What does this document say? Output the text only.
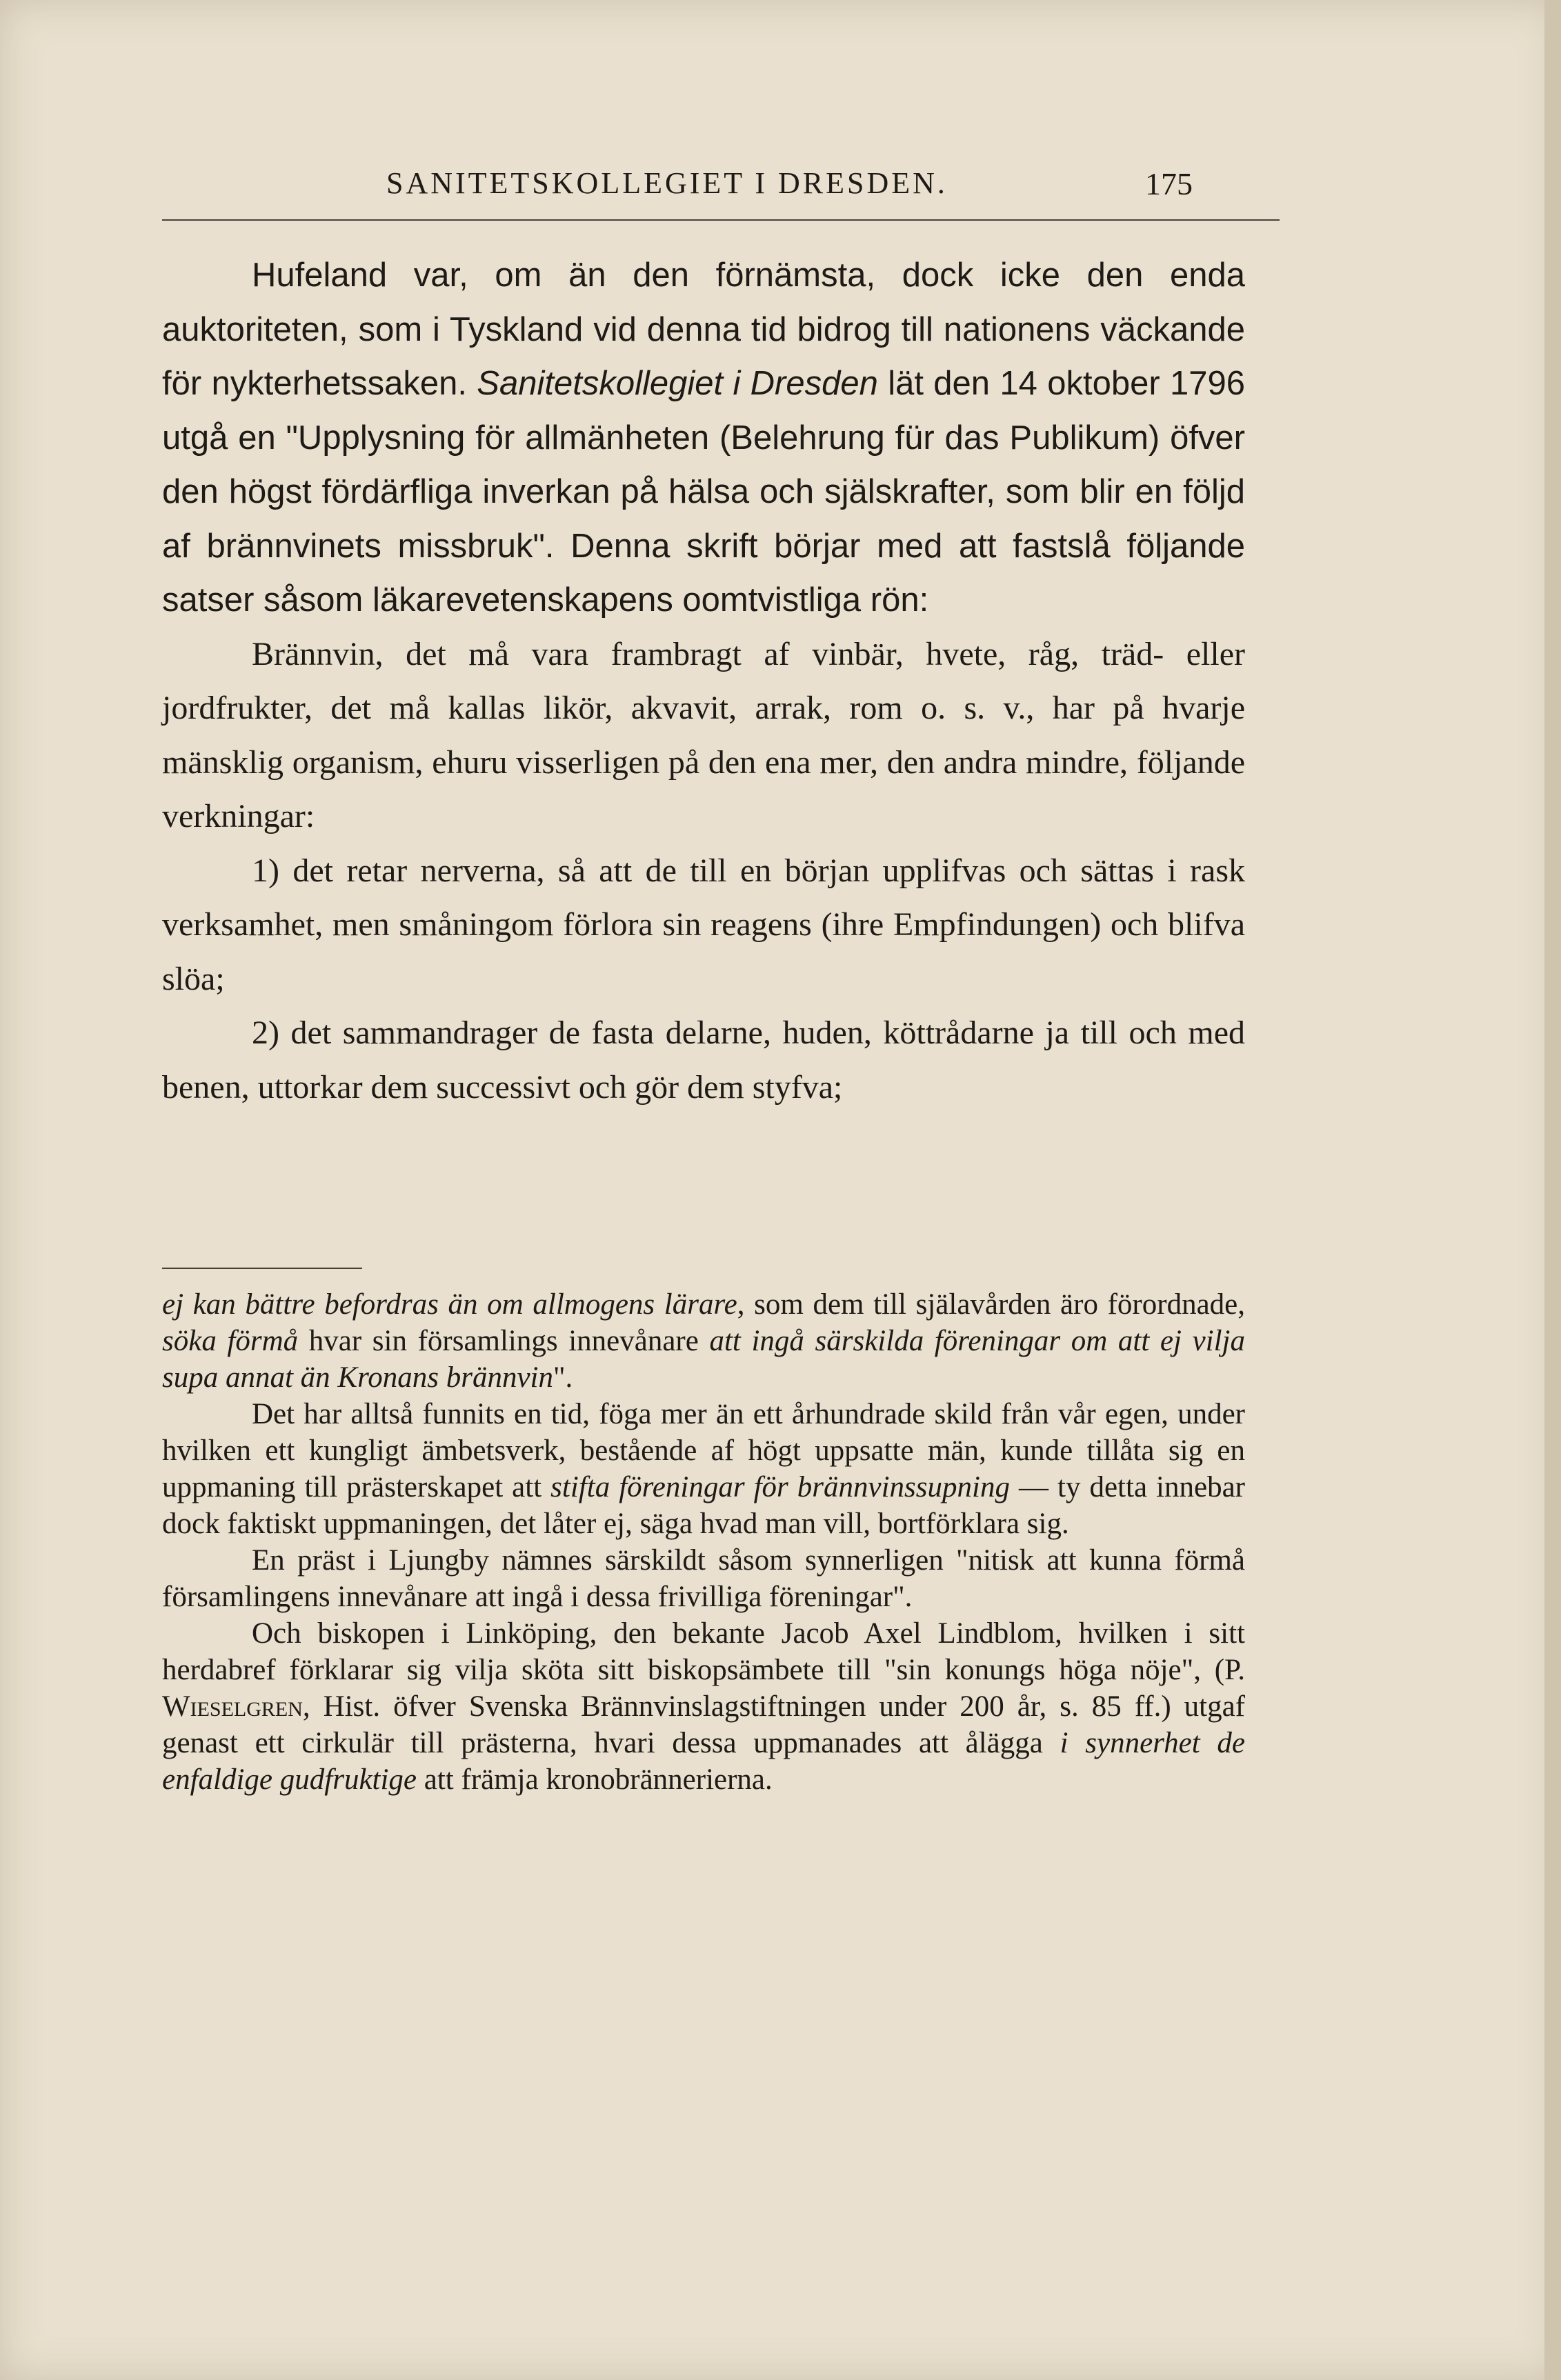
SANITETSKOLLEGIET I DRESDEN.	175

Hufeland var, om än den förnämsta, dock icke den enda auktoriteten, som i Tyskland vid denna tid bidrog till nationens väckande för nykterhetssaken. Sanitetskollegiet i Dresden lät den 14 oktober 1796 utgå en "Upplysning för allmänheten (Belehrung für das Publikum) öfver den högst fördärfliga inverkan på hälsa och själskrafter, som blir en följd af brännvinets missbruk". Denna skrift börjar med att fastslå följande satser såsom läkarevetenskapens oomtvistliga rön:

Brännvin, det må vara frambragt af vinbär, hvete, råg, träd- eller jordfrukter, det må kallas likör, akvavit, arrak, rom o. s. v., har på hvarje mänsklig organism, ehuru visserligen på den ena mer, den andra mindre, följande verkningar:

1) det retar nerverna, så att de till en början upplifvas och sättas i rask verksamhet, men småningom förlora sin reagens (ihre Empfindungen) och blifva slöa;

2) det sammandrager de fasta delarne, huden, köttrådarne ja till och med benen, uttorkar dem successivt och gör dem styfva;

ej kan bättre befordras än om allmogens lärare, som dem till själavården äro förordnade, söka förmå hvar sin församlings innevånare att ingå särskilda föreningar om att ej vilja supa annat än Kronans brännvin".

Det har alltså funnits en tid, föga mer än ett århundrade skild från vår egen, under hvilken ett kungligt ämbetsverk, bestående af högt uppsatte män, kunde tillåta sig en uppmaning till prästerskapet att stifta föreningar för brännvinssupning — ty detta innebar dock faktiskt uppmaningen, det låter ej, säga hvad man vill, bortförklara sig.

En präst i Ljungby nämnes särskildt såsom synnerligen "nitisk att kunna förmå församlingens innevånare att ingå i dessa frivilliga föreningar".

Och biskopen i Linköping, den bekante Jacob Axel Lindblom, hvilken i sitt herdabref förklarar sig vilja sköta sitt biskopsämbete till "sin konungs höga nöje", (P. Wieselgren, Hist. öfver Svenska Brännvinslagstiftningen under 200 år, s. 85 ff.) utgaf genast ett cirkulär till prästerna, hvari dessa uppmanades att ålägga i synnerhet de enfaldige gudfruktige att främja kronobrännerierna.
